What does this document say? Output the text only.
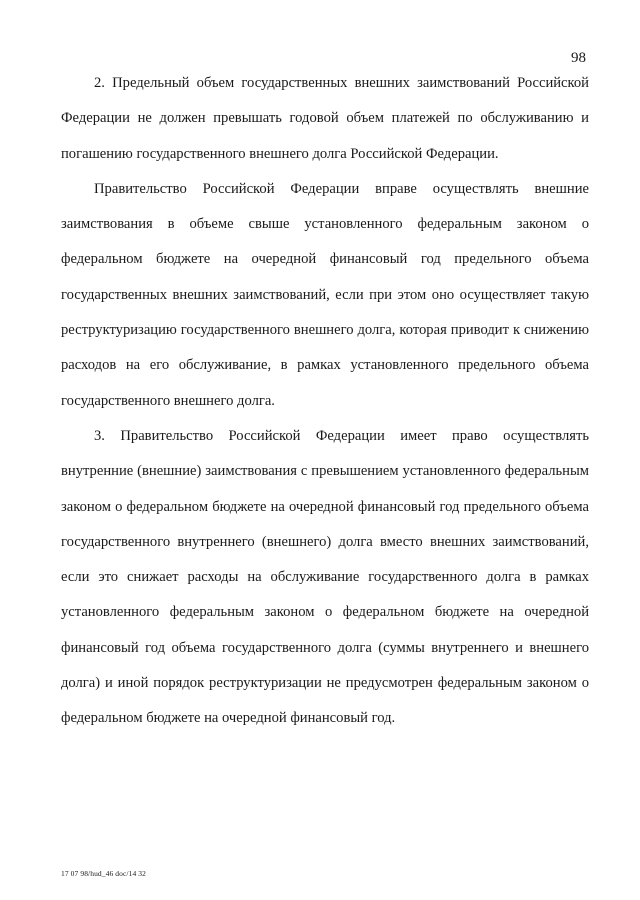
98

2. Предельный объем государственных внешних заимствований Российской Федерации не должен превышать годовой объем платежей по обслуживанию и погашению государственного внешнего долга Российской Федерации.

Правительство Российской Федерации вправе осуществлять внешние заимствования в объеме свыше установленного федеральным законом о федеральном бюджете на очередной финансовый год предельного объема государственных внешних заимствований, если при этом оно осуществляет такую реструктуризацию государственного внешнего долга, которая приводит к снижению расходов на его обслуживание, в рамках установленного предельного объема государственного внешнего долга.

3. Правительство Российской Федерации имеет право осуществлять внутренние (внешние) заимствования с превышением установленного федеральным законом о федеральном бюджете на очередной финансовый год предельного объема государственного внутреннего (внешнего) долга вместо внешних заимствований, если это снижает расходы на обслуживание государственного долга в рамках установленного федеральным законом о федеральном бюджете на очередной финансовый год объема государственного долга (суммы внутреннего и внешнего долга) и иной порядок реструктуризации не предусмотрен федеральным законом о федеральном бюджете на очередной финансовый год.

17 07 98/hud_46 doc/14 32
